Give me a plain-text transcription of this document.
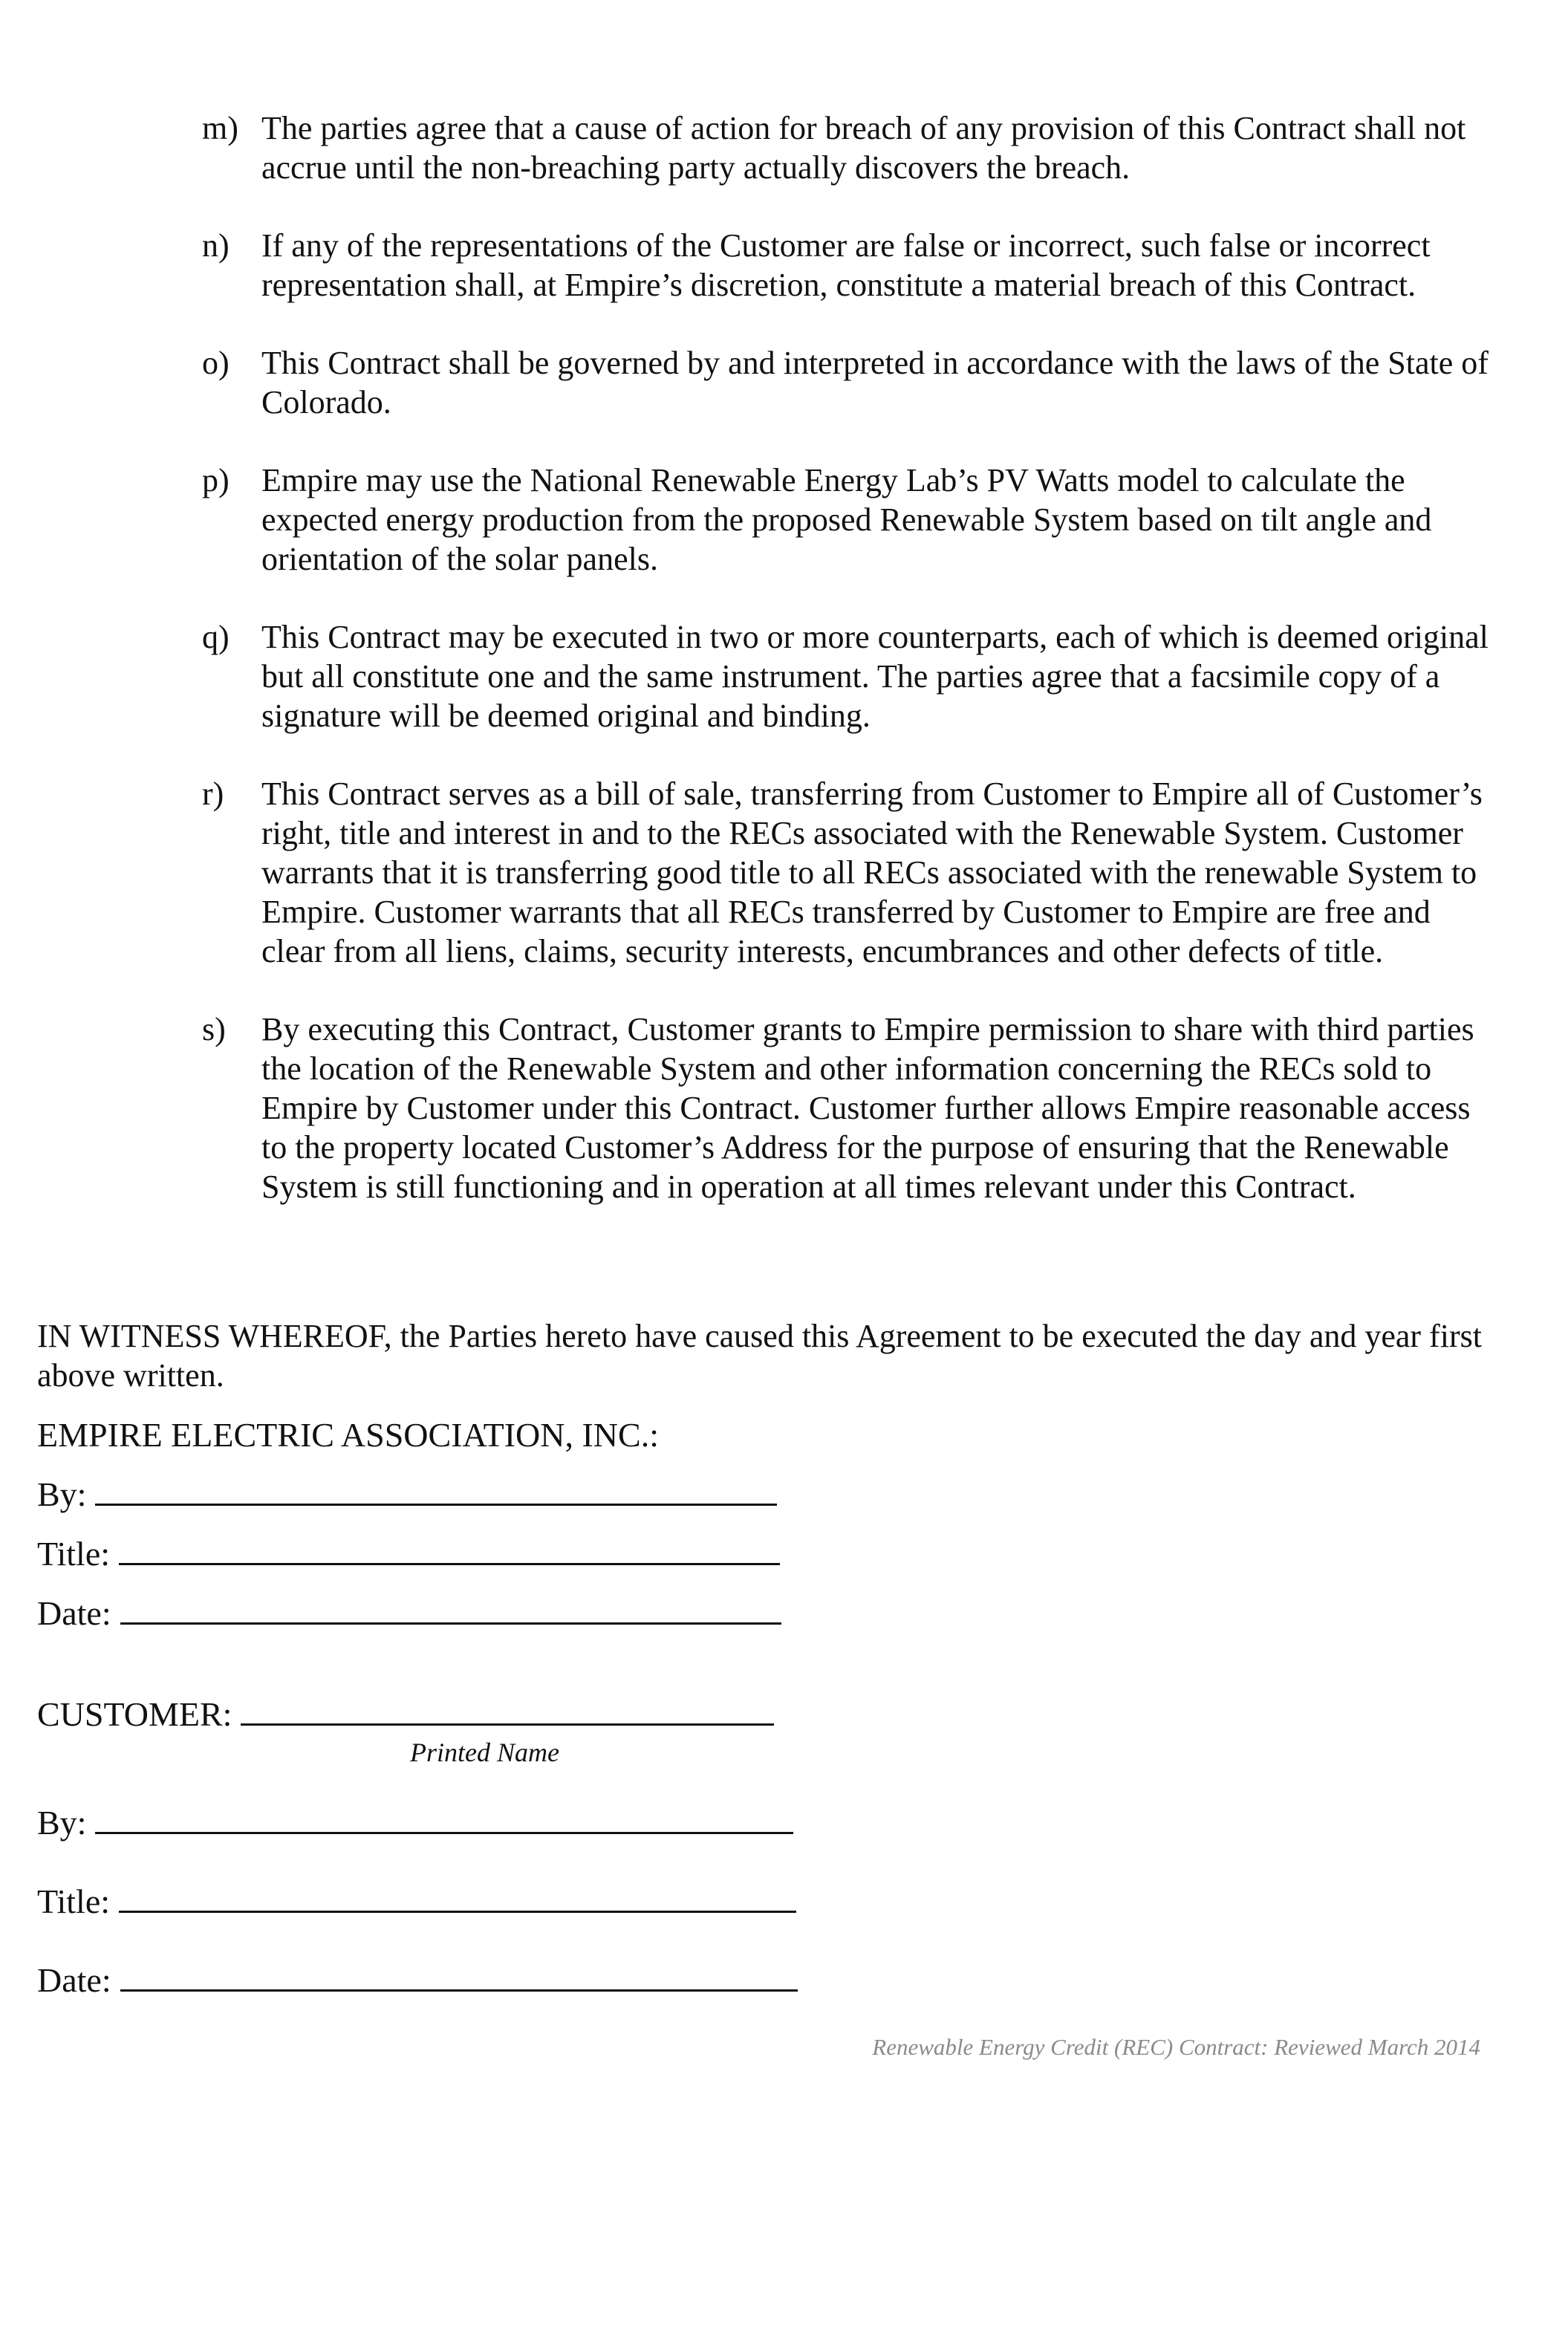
m) The parties agree that a cause of action for breach of any provision of this Contract shall not accrue until the non-breaching party actually discovers the breach.
n) If any of the representations of the Customer are false or incorrect, such false or incorrect representation shall, at Empire’s discretion, constitute a material breach of this Contract.
o) This Contract shall be governed by and interpreted in accordance with the laws of the State of Colorado.
p) Empire may use the National Renewable Energy Lab’s PV Watts model to calculate the expected energy production from the proposed Renewable System based on tilt angle and orientation of the solar panels.
q) This Contract may be executed in two or more counterparts, each of which is deemed original but all constitute one and the same instrument. The parties agree that a facsimile copy of a signature will be deemed original and binding.
r) This Contract serves as a bill of sale, transferring from Customer to Empire all of Customer’s right, title and interest in and to the RECs associated with the Renewable System. Customer warrants that it is transferring good title to all RECs associated with the renewable System to Empire. Customer warrants that all RECs transferred by Customer to Empire are free and clear from all liens, claims, security interests, encumbrances and other defects of title.
s) By executing this Contract, Customer grants to Empire permission to share with third parties the location of the Renewable System and other information concerning the RECs sold to Empire by Customer under this Contract. Customer further allows Empire reasonable access to the property located Customer’s Address for the purpose of ensuring that the Renewable System is still functioning and in operation at all times relevant under this Contract.
IN WITNESS WHEREOF, the Parties hereto have caused this Agreement to be executed the day and year first above written.
EMPIRE ELECTRIC ASSOCIATION, INC.:
By:
Title:
Date:
CUSTOMER:
Printed Name
By:
Title:
Date:
Renewable Energy Credit (REC) Contract: Reviewed March 2014
